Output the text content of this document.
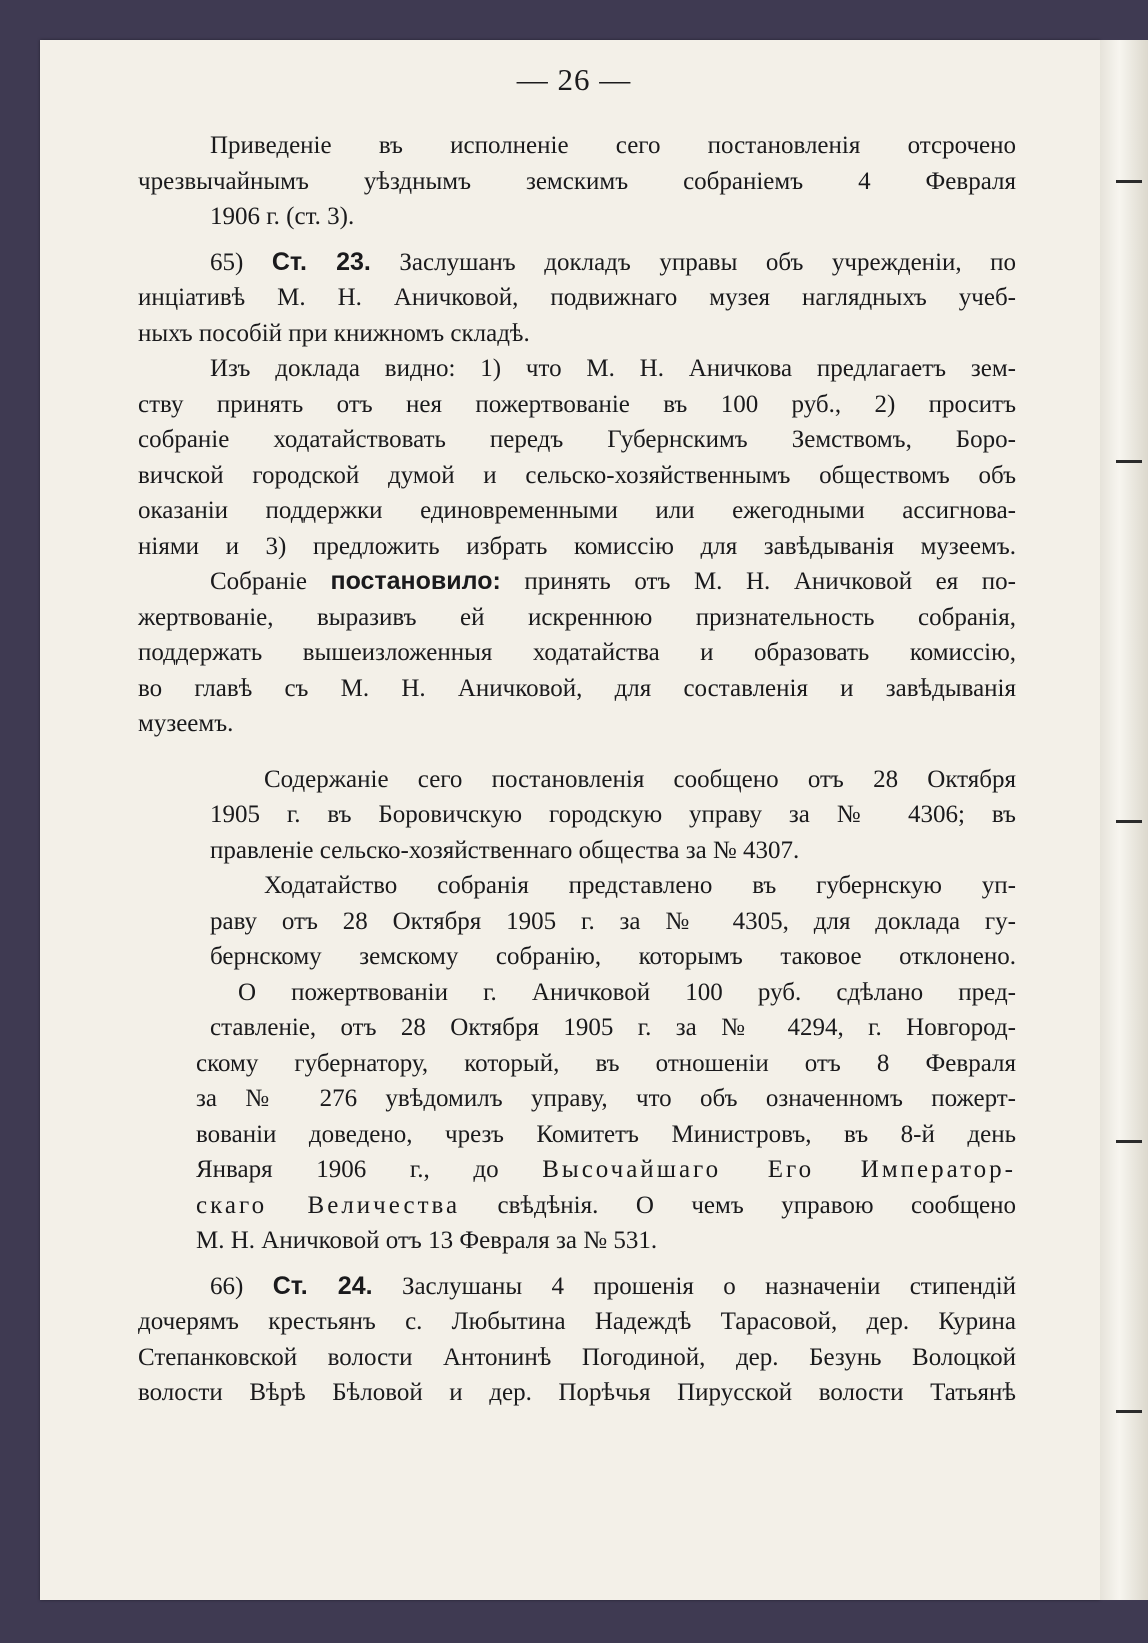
— 26 —

Приведеніе въ исполненіе сего постановленія отсрочено

чрезвычайнымъ уѣзднымъ земскимъ собраніемъ 4 Февраля

1906 г. (ст. 3).

65) Ст. 23. Заслушанъ докладъ управы объ учрежденіи, по

инціативѣ М. Н. Аничковой, подвижнаго музея наглядныхъ учеб-

ныхъ пособій при книжномъ складѣ.

Изъ доклада видно: 1) что М. Н. Аничкова предлагаетъ зем-

ству принять отъ нея пожертвованіе въ 100 руб., 2) проситъ

собраніе ходатайствовать передъ Губернскимъ Земствомъ, Боро-

вичской городской думой и сельско-хозяйственнымъ обществомъ объ

оказаніи поддержки единовременными или ежегодными ассигнова-

ніями и 3) предложить избрать комиссію для завѣдыванія музеемъ.

Собраніе постановило: принять отъ М. Н. Аничковой ея по-

жертвованіе, выразивъ ей искреннюю признательность собранія,

поддержать вышеизложенныя ходатайства и образовать комиссію,

во главѣ съ М. Н. Аничковой, для составленія и завѣдыванія

музеемъ.

Содержаніе сего постановленія сообщено отъ 28 Октября

1905 г. въ Боровичскую городскую управу за № 4306; въ

правленіе сельско-хозяйственнаго общества за № 4307.

Ходатайство собранія представлено въ губернскую уп-

раву отъ 28 Октября 1905 г. за № 4305, для доклада гу-

бернскому земскому собранію, которымъ таковое отклонено.

О пожертвованіи г. Аничковой 100 руб. сдѣлано пред-

ставленіе, отъ 28 Октября 1905 г. за № 4294, г. Новгород-

скому губернатору, который, въ отношеніи отъ 8 Февраля

за № 276 увѣдомилъ управу, что объ означенномъ пожерт-

вованіи доведено, чрезъ Комитетъ Министровъ, въ 8-й день

Января 1906 г., до Высочайшаго Его Император-

скаго Величества свѣдѣнія. О чемъ управою сообщено

М. Н. Аничковой отъ 13 Февраля за № 531.

66) Ст. 24. Заслушаны 4 прошенія о назначеніи стипендій

дочерямъ крестьянъ с. Любытина Надеждѣ Тарасовой, дер. Курина

Степанковской волости Антонинѣ Погодиной, дер. Безунь Волоцкой

волости Вѣрѣ Бѣловой и дер. Порѣчья Пирусской волости Татьянѣ
